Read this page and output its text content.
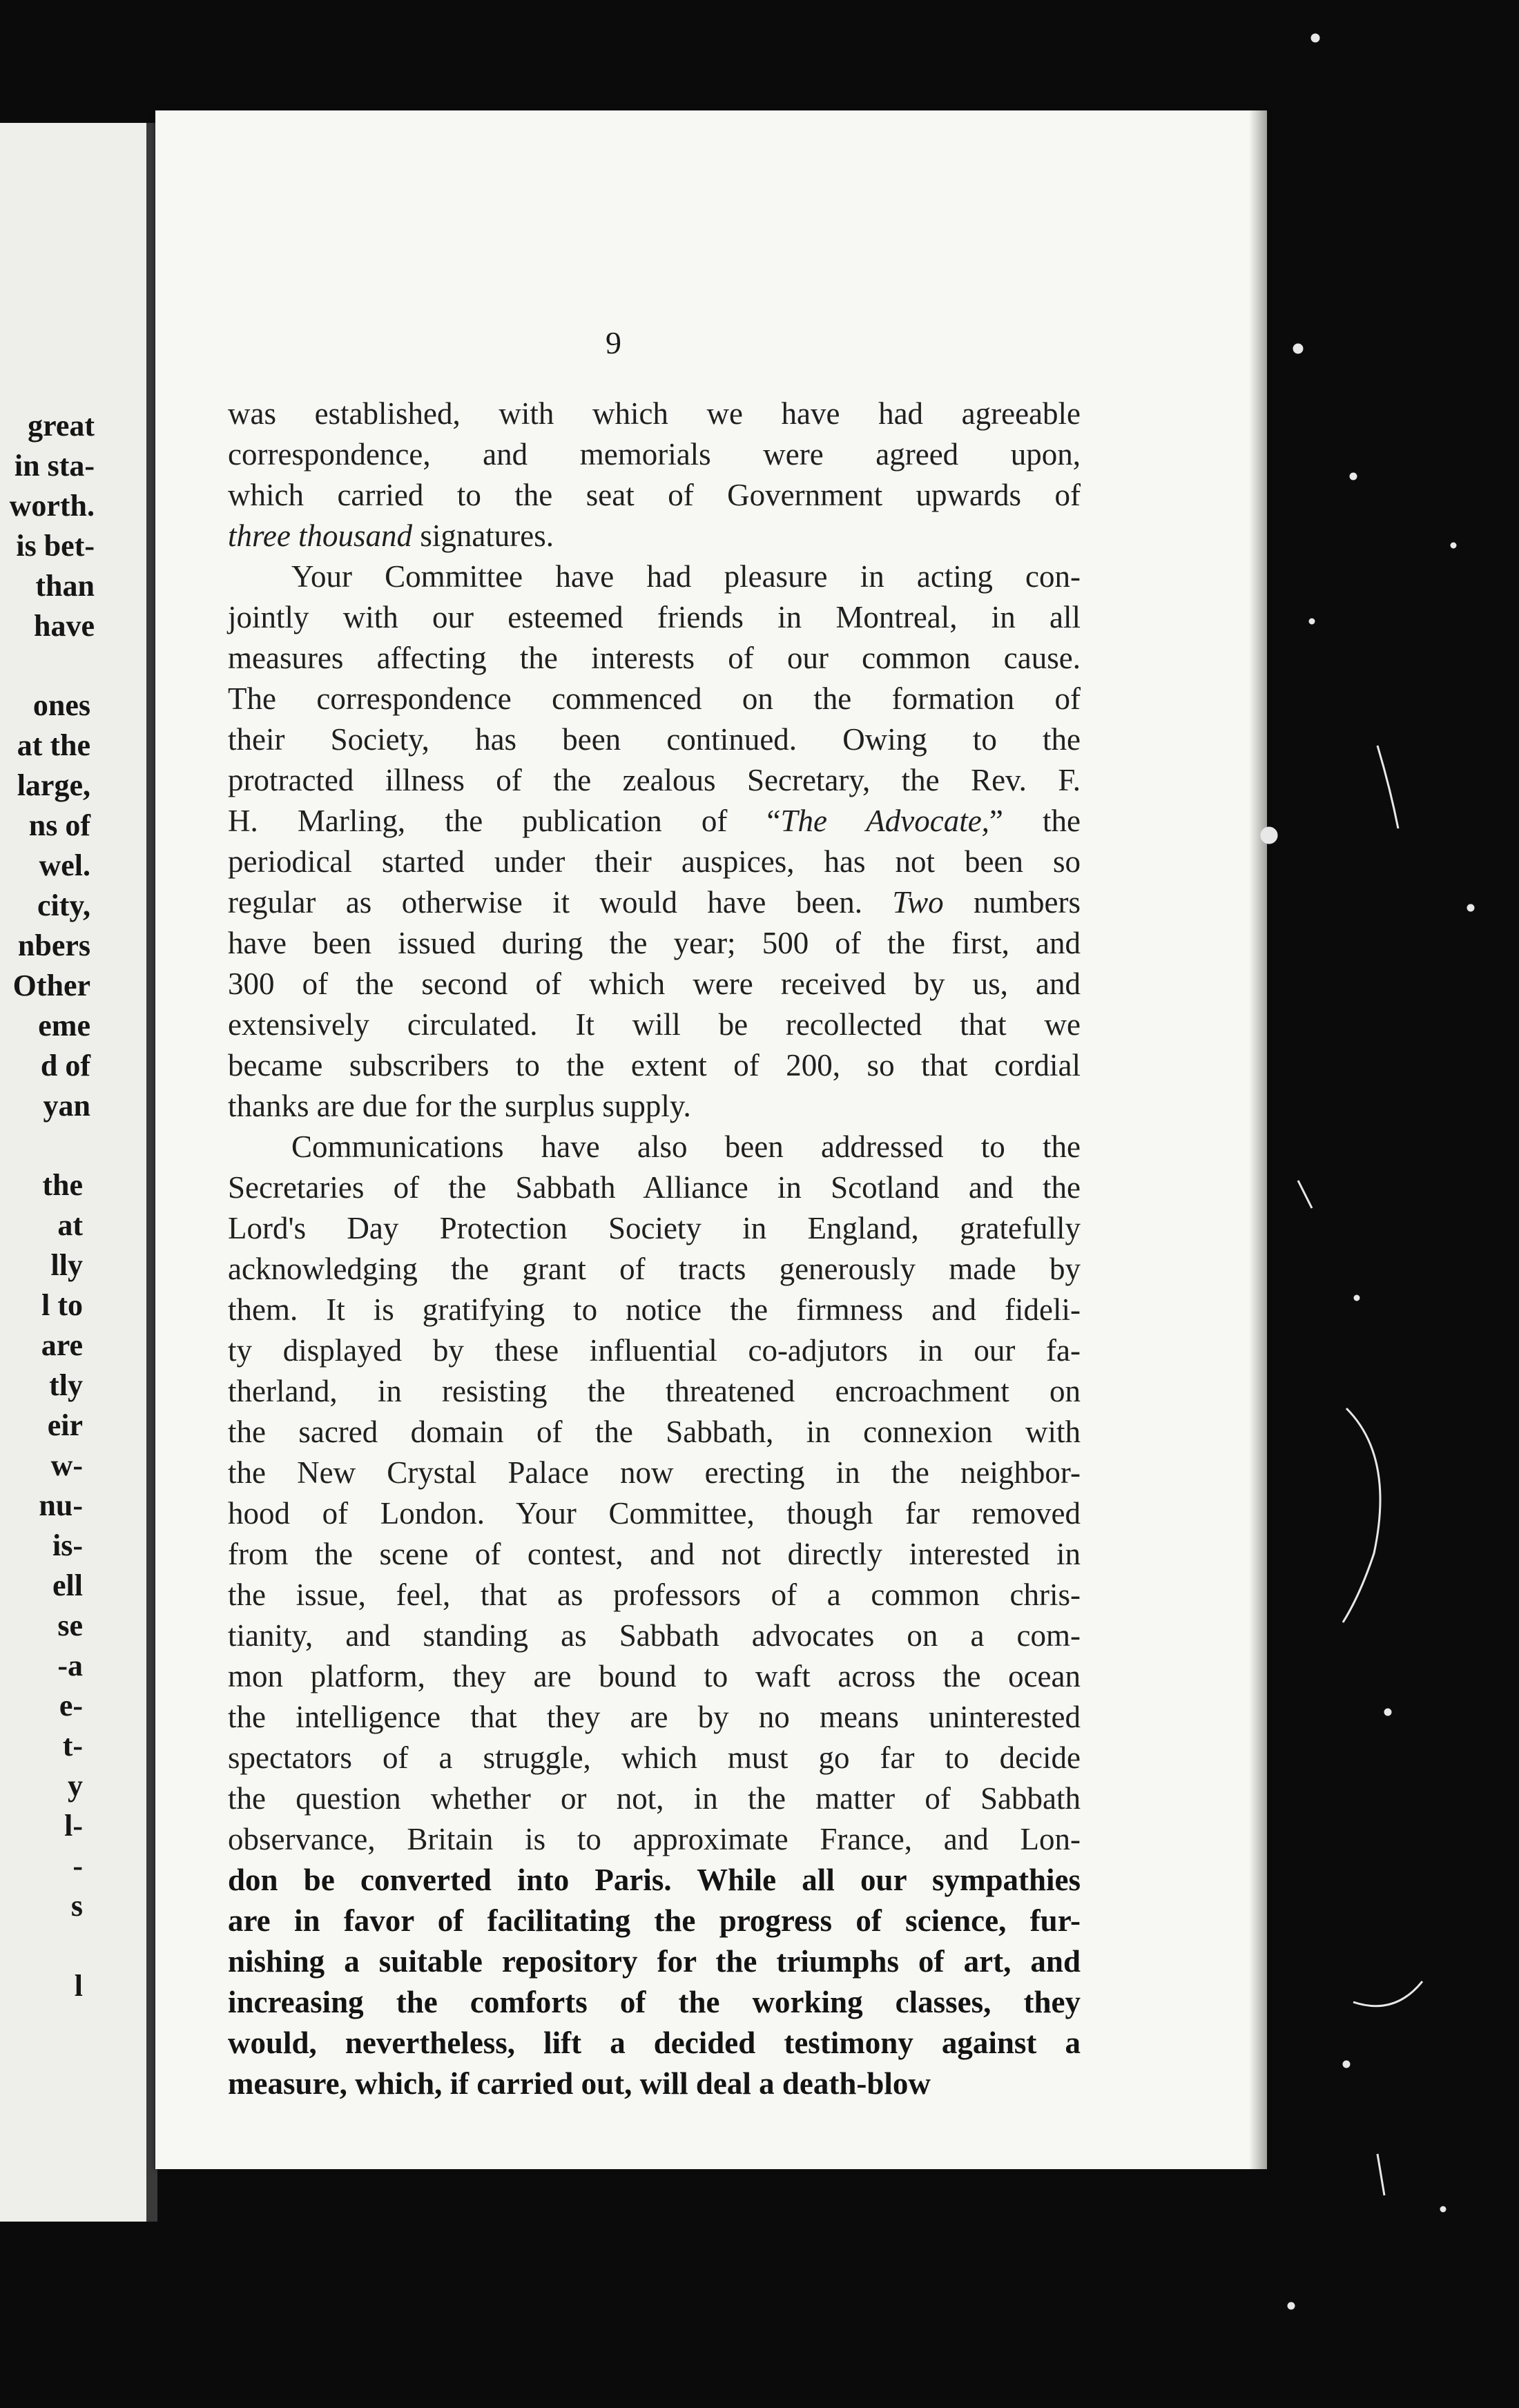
great
in sta-
worth.
is bet-
than
have
ones
at the
large,
ns of
wel.
city,
nbers
Other
eme
d of
yan
the
at
lly
l to
are
tly
eir
w-
nu-
is-
ell
se
-a
e-
t-
y
l-
-
s
l
9
was established, with which we have had agreeable
correspondence, and memorials were agreed upon,
which carried to the seat of Government upwards of
three thousand signatures.
Your Committee have had pleasure in acting con-
jointly with our esteemed friends in Montreal, in all
measures affecting the interests of our common cause.
The correspondence commenced on the formation of
their Society, has been continued. Owing to the
protracted illness of the zealous Secretary, the Rev. F.
H. Marling, the publication of “The Advocate,” the
periodical started under their auspices, has not been so
regular as otherwise it would have been. Two numbers
have been issued during the year; 500 of the first, and
300 of the second of which were received by us, and
extensively circulated. It will be recollected that we
became subscribers to the extent of 200, so that cordial
thanks are due for the surplus supply.
Communications have also been addressed to the
Secretaries of the Sabbath Alliance in Scotland and the
Lord's Day Protection Society in England, gratefully
acknowledging the grant of tracts generously made by
them. It is gratifying to notice the firmness and fideli-
ty displayed by these influential co-adjutors in our fa-
therland, in resisting the threatened encroachment on
the sacred domain of the Sabbath, in connexion with
the New Crystal Palace now erecting in the neighbor-
hood of London. Your Committee, though far removed
from the scene of contest, and not directly interested in
the issue, feel, that as professors of a common chris-
tianity, and standing as Sabbath advocates on a com-
mon platform, they are bound to waft across the ocean
the intelligence that they are by no means uninterested
spectators of a struggle, which must go far to decide
the question whether or not, in the matter of Sabbath
observance, Britain is to approximate France, and Lon-
don be converted into Paris. While all our sympathies
are in favor of facilitating the progress of science, fur-
nishing a suitable repository for the triumphs of art, and
increasing the comforts of the working classes, they
would, nevertheless, lift a decided testimony against a
measure, which, if carried out, will deal a death-blow
